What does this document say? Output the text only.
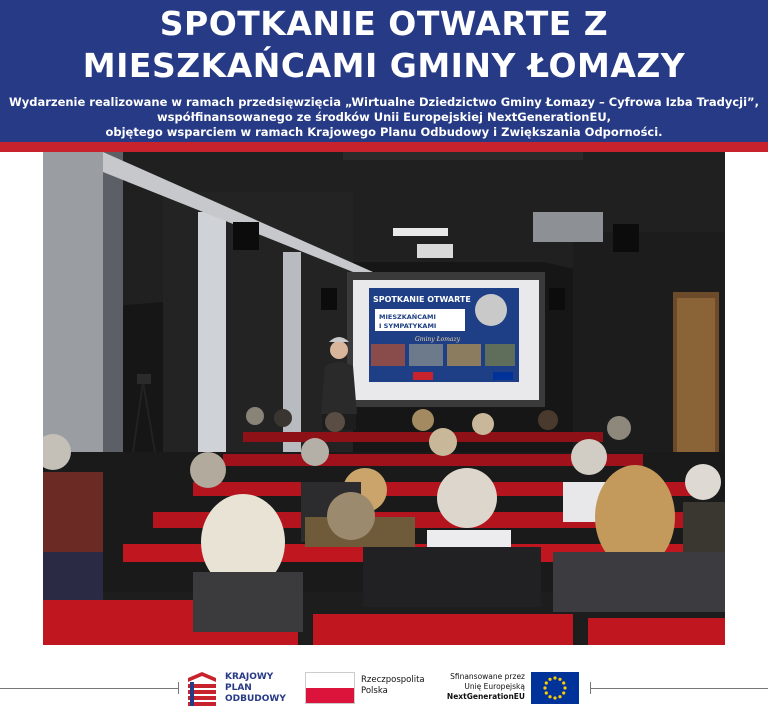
SPOTKANIE OTWARTE Z
MIESZKAŃCAMI GMINY ŁOMAZY
Wydarzenie realizowane w ramach przedsięwzięcia „Wirtualne Dziedzictwo Gminy Łomazy – Cyfrowa Izba Tradycji”,
współfinansowanego ze środków Unii Europejskiej NextGenerationEU,
objętego wsparciem w ramach Krajowego Planu Odbudowy i Zwiększania Odporności.
SPOTKANIE OTWARTE
MIESZKAŃCAMI
I SYMPATYKAMI
Gminy Łomazy
KRAJOWY
PLAN
ODBUDOWY
Rzeczpospolita
Polska
Sfinansowane przez
Unię Europejską
NextGenerationEU
